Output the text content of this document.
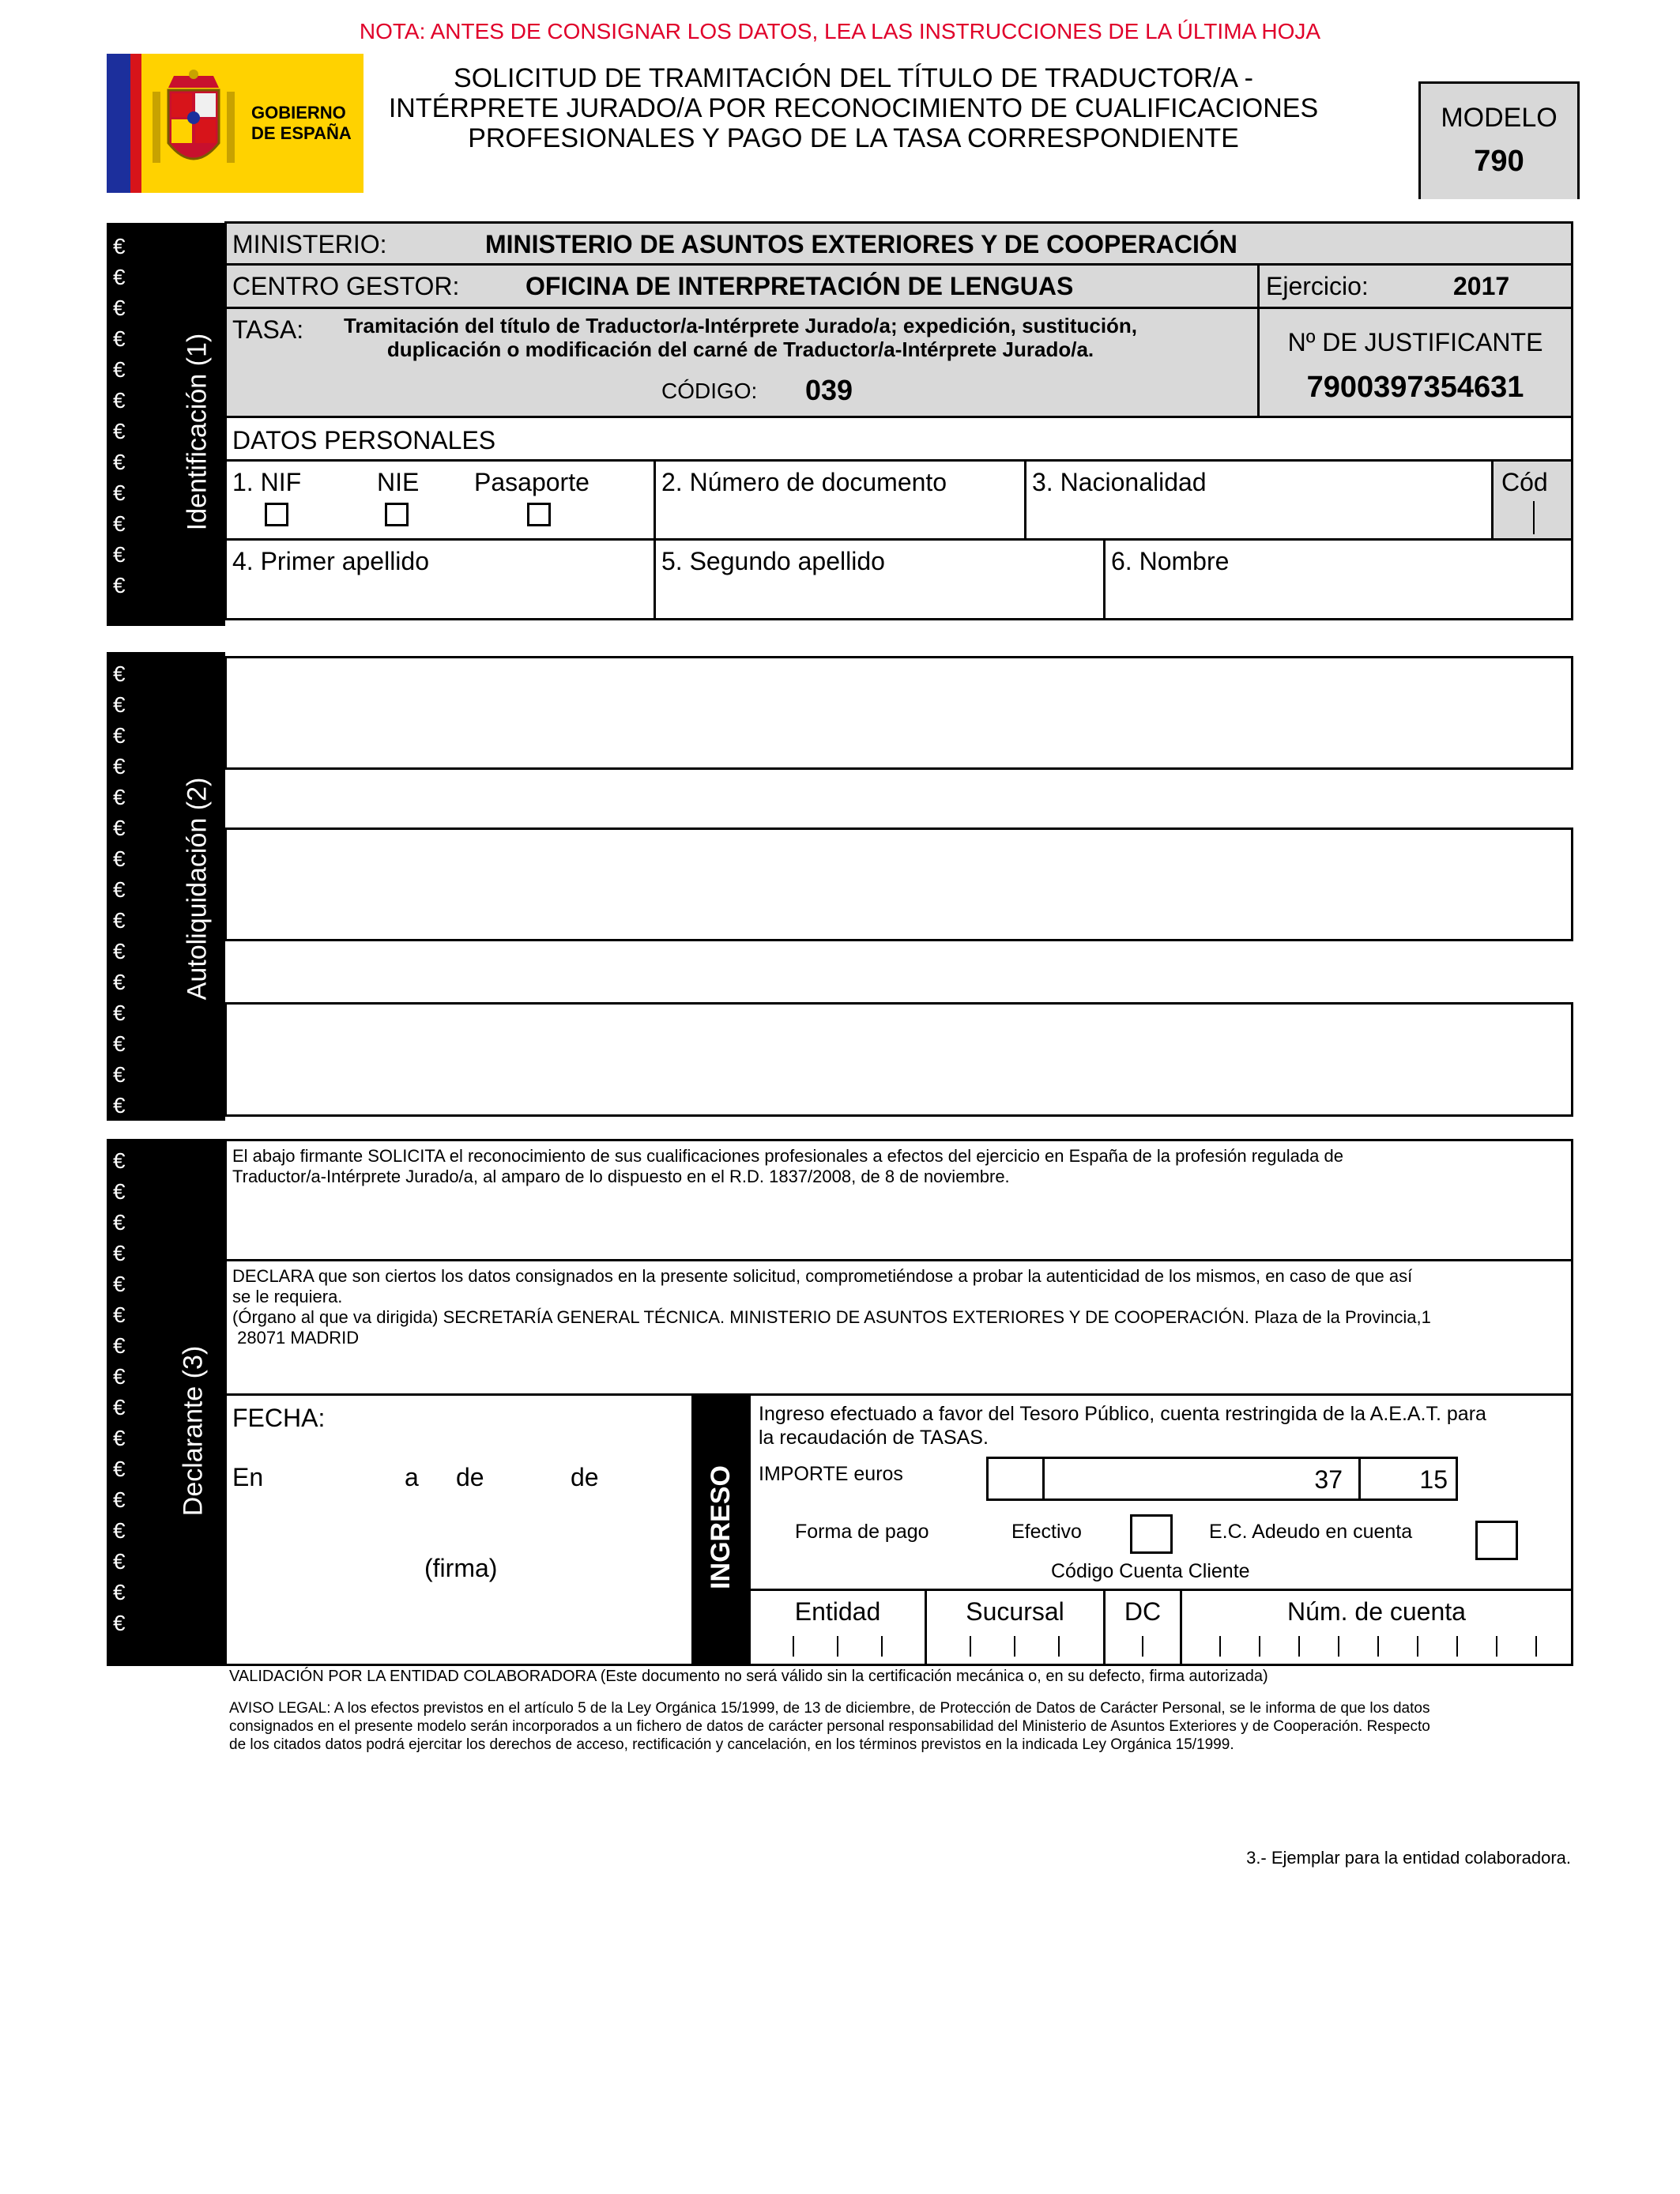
NOTA: ANTES DE CONSIGNAR LOS DATOS, LEA LAS INSTRUCCIONES DE LA ÚLTIMA HOJA
GOBIERNO
DE ESPAÑA
SOLICITUD DE TRAMITACIÓN DEL TÍTULO DE TRADUCTOR/A -
INTÉRPRETE JURADO/A POR RECONOCIMIENTO DE CUALIFICACIONES
PROFESIONALES Y PAGO DE LA TASA CORRESPONDIENTE
MODELO
790
€
€
€
€
€
€
€
€
€
€
€
€
Identificación (1)
MINISTERIO:	MINISTERIO DE ASUNTOS EXTERIORES Y DE COOPERACIÓN
CENTRO GESTOR:	OFICINA DE INTERPRETACIÓN DE LENGUAS	Ejercicio:	2017
TASA:	Tramitación del título de Traductor/a-Intérprete Jurado/a; expedición, sustitución,
duplicación o modificación del carné de Traductor/a-Intérprete Jurado/a.
CÓDIGO: 039
Nº DE JUSTIFICANTE
7900397354631
DATOS PERSONALES
1. NIF	NIE Pasaporte	2. Número de documento	3. Nacionalidad	Cód
4. Primer apellido	5. Segundo apellido	6. Nombre
€
€
€
€
€
€
€
€
€
€
€
€
€
€
€
Autoliquidación (2)
€
€
€
€
€
€
€
€
€
€
€
€
€
€
€
€
Declarante (3)
El abajo firmante SOLICITA el reconocimiento de sus cualificaciones profesionales a efectos del ejercicio en España de la profesión regulada de
Traductor/a-Intérprete Jurado/a, al amparo de lo dispuesto en el R.D. 1837/2008, de 8 de noviembre.
DECLARA que son ciertos los datos consignados en la presente solicitud, comprometiéndose a probar la autenticidad de los mismos, en caso de que así
se le requiera.
(Órgano al que va dirigida) SECRETARÍA GENERAL TÉCNICA. MINISTERIO DE ASUNTOS EXTERIORES Y DE COOPERACIÓN. Plaza de la Provincia,1
28071 MADRID
FECHA:
En	a de	de
(firma)	INGRESO
Ingreso efectuado a favor del Tesoro Público, cuenta restringida de la A.E.A.T. para
la recaudación de TASAS.
IMPORTE euros	37	15
Forma de pago	Efectivo	E.C. Adeudo en cuenta
Código Cuenta Cliente
Entidad	Sucursal	DC	Núm. de cuenta
VALIDACIÓN POR LA ENTIDAD COLABORADORA (Este documento no será válido sin la certificación mecánica o, en su defecto, firma autorizada)
AVISO LEGAL: A los efectos previstos en el artículo 5 de la Ley Orgánica 15/1999, de 13 de diciembre, de Protección de Datos de Carácter Personal, se le informa de que los datos
consignados en el presente modelo serán incorporados a un fichero de datos de carácter personal responsabilidad del Ministerio de Asuntos Exteriores y de Cooperación. Respecto
de los citados datos podrá ejercitar los derechos de acceso, rectificación y cancelación, en los términos previstos en la indicada Ley Orgánica 15/1999.
3.- Ejemplar para la entidad colaboradora.
